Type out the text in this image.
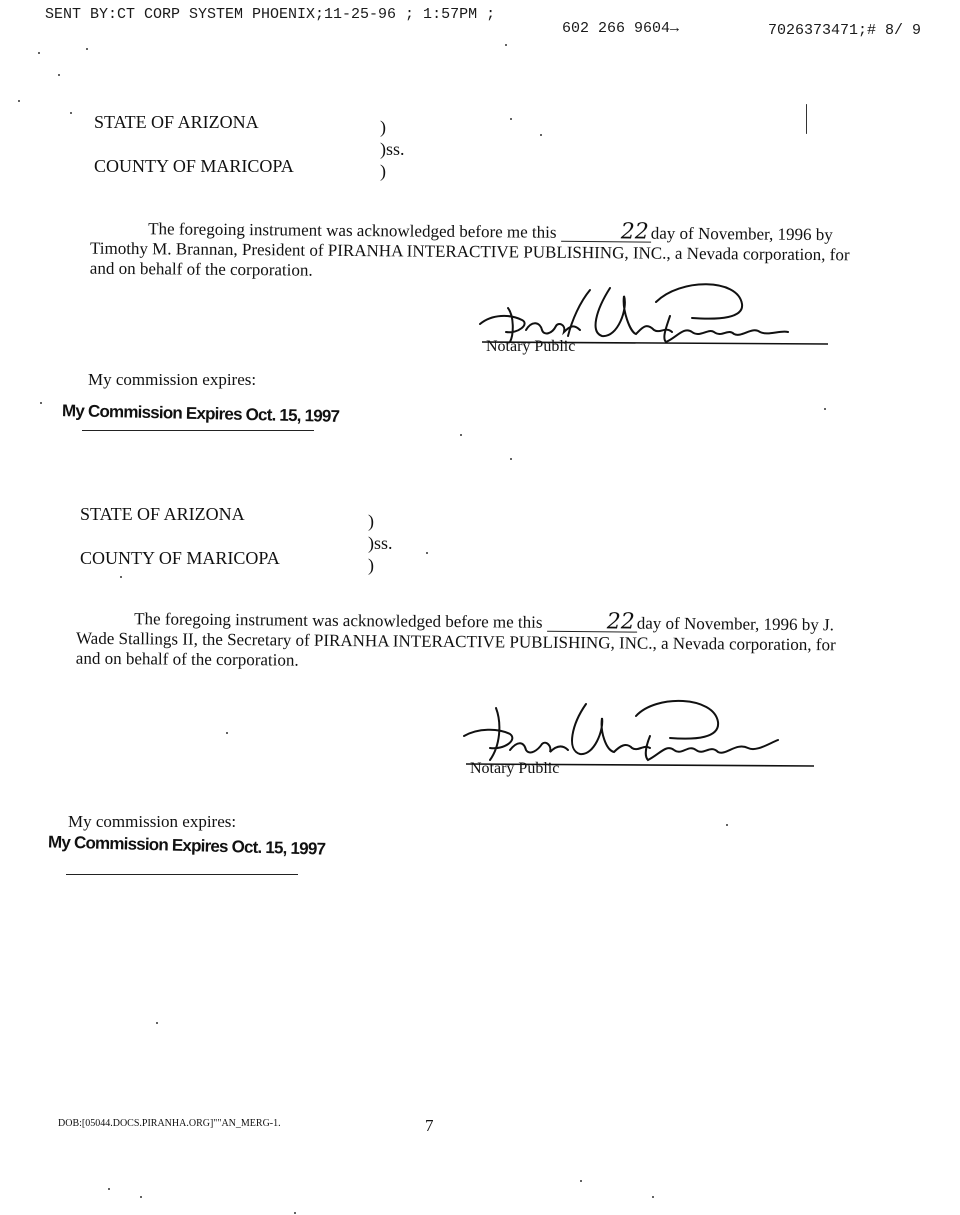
SENT BY:CT CORP SYSTEM PHOENIX;11-25-96 ; 1:57PM ;
602 266 9604→	7026373471;# 8/ 9
STATE OF ARIZONA
COUNTY OF MARICOPA
)
)ss.
)

The foregoing instrument was acknowledged before me this	22 day of November, 1996 by Timothy M. Brannan, President of PIRANHA INTERACTIVE PUBLISHING, INC., a Nevada corporation, for and on behalf of the corporation.

Notary Public
My commission expires:
My Commission Expires Oct. 15, 1997
STATE OF ARIZONA
COUNTY OF MARICOPA
)
)ss.
)

The foregoing instrument was acknowledged before me this	22 day of November, 1996 by J. Wade Stallings II, the Secretary of PIRANHA INTERACTIVE PUBLISHING, INC., a Nevada corporation, for and on behalf of the corporation.

Notary Public
My commission expires:
My Commission Expires Oct. 15, 1997
DOB:[05044.DOCS.PIRANHA.ORG]""AN_MERG-1.	7
